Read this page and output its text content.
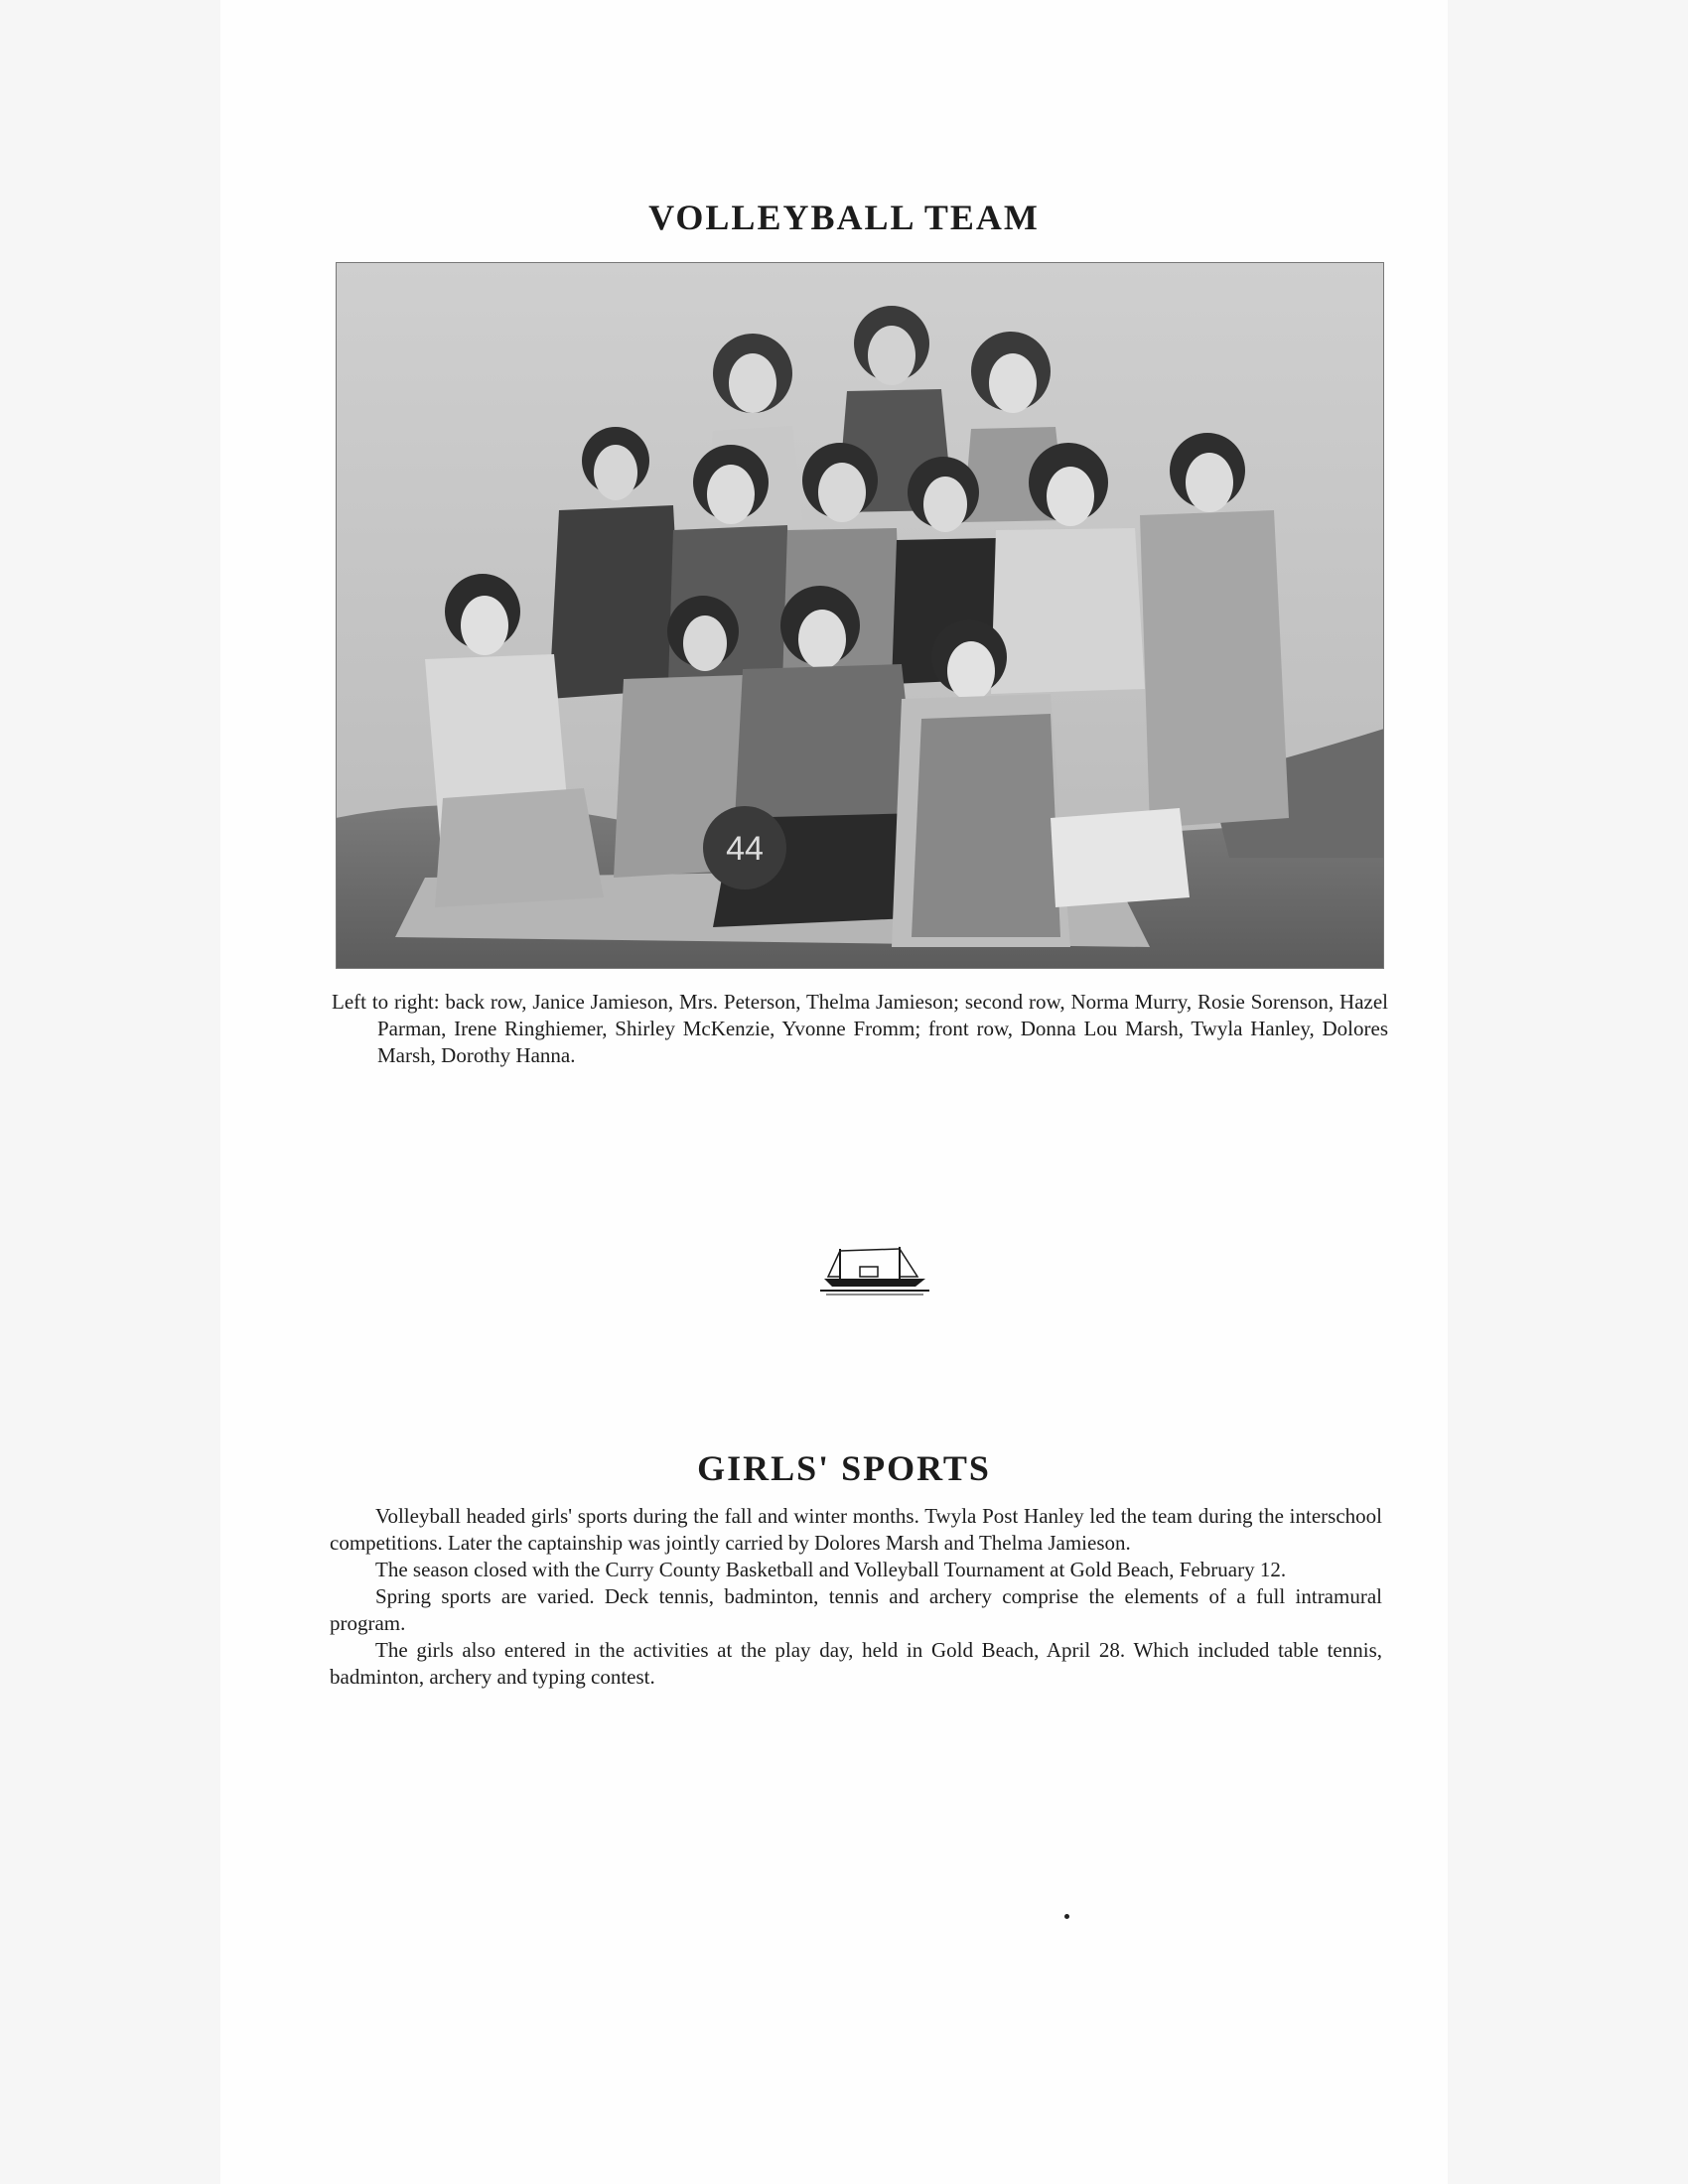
VOLLEYBALL TEAM
44

Left to right: back row, Janice Jamieson, Mrs. Peterson, Thelma Jamieson; second row, Norma Murry, Rosie Sorenson, Hazel Parman, Irene Ringhiemer, Shirley McKenzie, Yvonne Fromm; front row, Donna Lou Marsh, Twyla Hanley, Dolores Marsh, Dorothy Hanna.

GIRLS' SPORTS

Volleyball headed girls' sports during the fall and winter months. Twyla Post Hanley led the team during the interschool competitions. Later the captainship was jointly carried by Dolores Marsh and Thelma Jamieson.

The season closed with the Curry County Basketball and Volleyball Tournament at Gold Beach, February 12.

Spring sports are varied. Deck tennis, badminton, tennis and archery comprise the elements of a full intramural program.

The girls also entered in the activities at the play day, held in Gold Beach, April 28. Which included table tennis, badminton, archery and typing contest.
